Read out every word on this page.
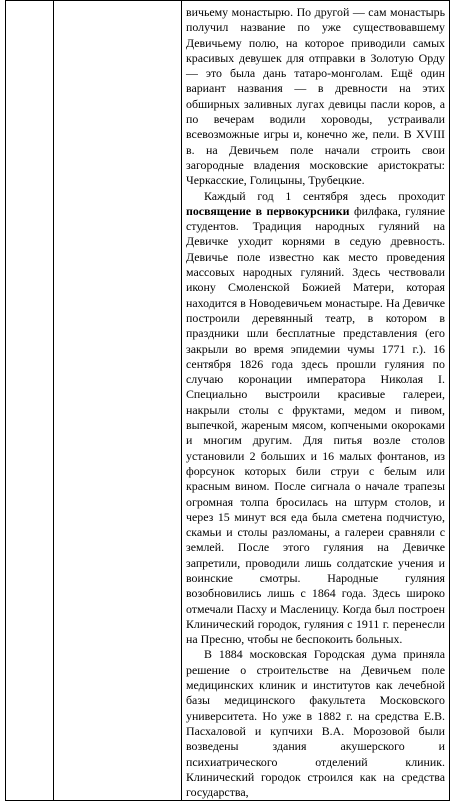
вичьему монастырю. По другой — сам монастырь получил название по уже существовавшему Девичьему полю, на которое приводили самых красивых девушек для отправки в Золотую Орду — это была дань татаро-монголам. Ещё один вариант названия — в древности на этих обширных заливных лугах девицы пасли коров, а по вечерам водили хороводы, устраивали всевозможные игры и, конечно же, пели. В XVIII в. на Девичьем поле начали строить свои загородные владения московские аристократы: Черкасские, Голицыны, Трубецкие.

Каждый год 1 сентября здесь проходит посвящение в первокурсники филфака, гуляние студентов. Традиция народных гуляний на Девичке уходит корнями в седую древность. Девичье поле известно как место проведения массовых народных гуляний. Здесь чествовали икону Смоленской Божией Матери, которая находится в Новодевичьем монастыре. На Девичке построили деревянный театр, в котором в праздники шли бесплатные представления (его закрыли во время эпидемии чумы 1771 г.). 16 сентября 1826 года здесь прошли гуляния по случаю коронации императора Николая I. Специально выстроили красивые галереи, накрыли столы с фруктами, медом и пивом, выпечкой, жареным мясом, копчеными окороками и многим другим. Для питья возле столов установили 2 больших и 16 малых фонтанов, из форсунок которых били струи с белым или красным вином. После сигнала о начале трапезы огромная толпа бросилась на штурм столов, и через 15 минут вся еда была сметена подчистую, скамьи и столы разломаны, а галереи сравняли с землей. После этого гуляния на Девичке запретили, проводили лишь солдатские учения и воинские смотры. Народные гуляния возобновились лишь с 1864 года. Здесь широко отмечали Пасху и Масленицу. Когда был построен Клинический городок, гуляния с 1911 г. перенесли на Пресню, чтобы не беспокоить больных.

В 1884 московская Городская дума приняла решение о строительстве на Девичьем поле медицинских клиник и институтов как лечебной базы медицинского факультета Московского университета. Но уже в 1882 г. на средства Е.В. Пасхаловой и купчихи В.А. Морозовой были возведены здания акушерского и психиатрического отделений клиник. Клинический городок строился как на средства государства,
